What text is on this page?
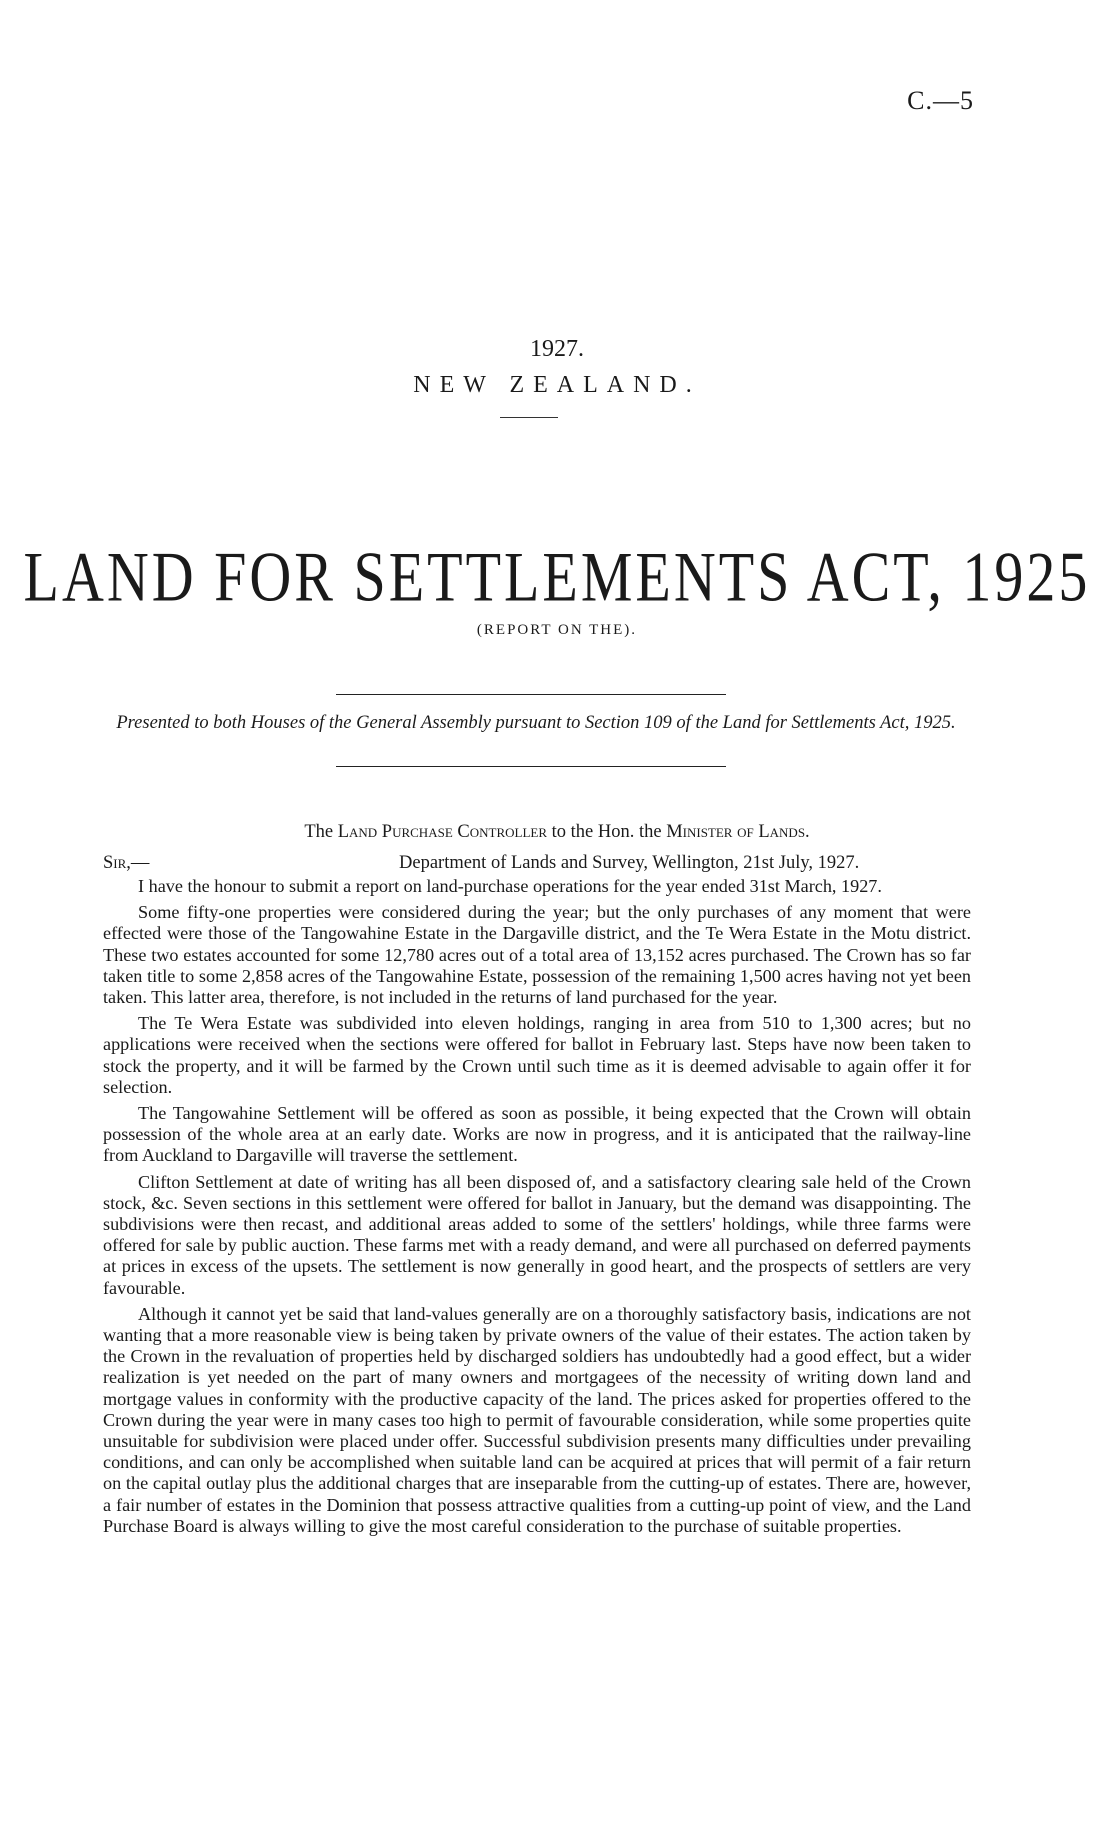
C.—5
1927.
NEW ZEALAND.
LAND FOR SETTLEMENTS ACT, 1925
(REPORT ON THE).
Presented to both Houses of the General Assembly pursuant to Section 109 of the Land for Settlements Act, 1925.
The Land Purchase Controller to the Hon. the Minister of Lands.
Sir,—	Department of Lands and Survey, Wellington, 21st July, 1927.

I have the honour to submit a report on land-purchase operations for the year ended 31st March, 1927.

Some fifty-one properties were considered during the year; but the only purchases of any moment that were effected were those of the Tangowahine Estate in the Dargaville district, and the Te Wera Estate in the Motu district. These two estates accounted for some 12,780 acres out of a total area of 13,152 acres purchased. The Crown has so far taken title to some 2,858 acres of the Tangowahine Estate, possession of the remaining 1,500 acres having not yet been taken. This latter area, therefore, is not included in the returns of land purchased for the year.

The Te Wera Estate was subdivided into eleven holdings, ranging in area from 510 to 1,300 acres; but no applications were received when the sections were offered for ballot in February last. Steps have now been taken to stock the property, and it will be farmed by the Crown until such time as it is deemed advisable to again offer it for selection.

The Tangowahine Settlement will be offered as soon as possible, it being expected that the Crown will obtain possession of the whole area at an early date. Works are now in progress, and it is anticipated that the railway-line from Auckland to Dargaville will traverse the settlement.

Clifton Settlement at date of writing has all been disposed of, and a satisfactory clearing sale held of the Crown stock, &c. Seven sections in this settlement were offered for ballot in January, but the demand was disappointing. The subdivisions were then recast, and additional areas added to some of the settlers' holdings, while three farms were offered for sale by public auction. These farms met with a ready demand, and were all purchased on deferred payments at prices in excess of the upsets. The settlement is now generally in good heart, and the prospects of settlers are very favourable.

Although it cannot yet be said that land-values generally are on a thoroughly satisfactory basis, indications are not wanting that a more reasonable view is being taken by private owners of the value of their estates. The action taken by the Crown in the revaluation of properties held by discharged soldiers has undoubtedly had a good effect, but a wider realization is yet needed on the part of many owners and mortgagees of the necessity of writing down land and mortgage values in conformity with the productive capacity of the land. The prices asked for properties offered to the Crown during the year were in many cases too high to permit of favourable consideration, while some properties quite unsuitable for subdivision were placed under offer. Successful subdivision presents many difficulties under prevailing conditions, and can only be accomplished when suitable land can be acquired at prices that will permit of a fair return on the capital outlay plus the additional charges that are inseparable from the cutting-up of estates. There are, however, a fair number of estates in the Dominion that possess attractive qualities from a cutting-up point of view, and the Land Purchase Board is always willing to give the most careful consideration to the purchase of suitable properties.
